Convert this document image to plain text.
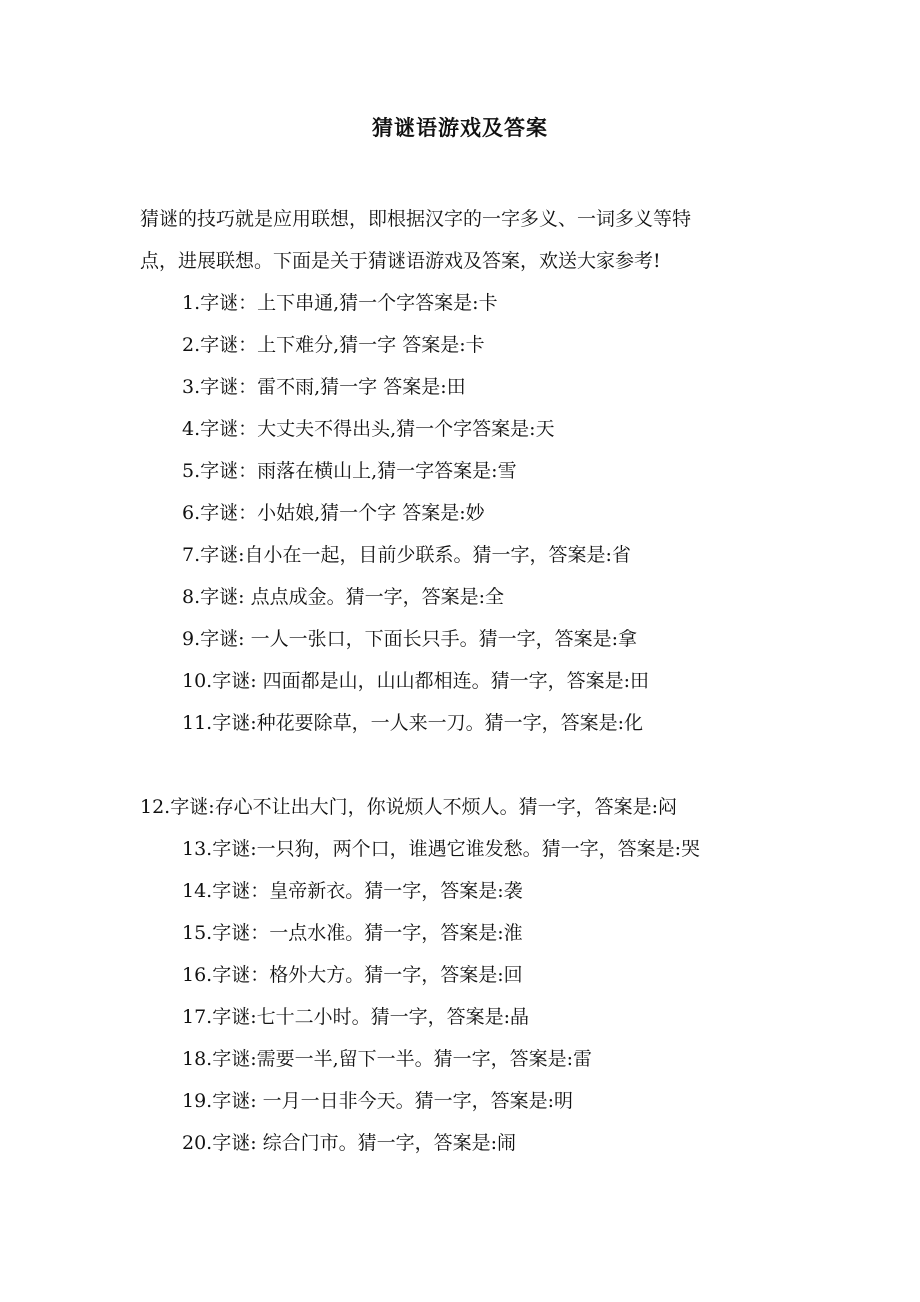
猜谜语游戏及答案

猜谜的技巧就是应用联想，即根据汉字的一字多义、一词多义等特

点，进展联想。下面是关于猜谜语游戏及答案，欢送大家参考!

1.字谜：上下串通,猜一个字答案是:卡
2.字谜：上下难分,猜一字 答案是:卡
3.字谜：雷不雨,猜一字 答案是:田
4.字谜：大丈夫不得出头,猜一个字答案是:天
5.字谜：雨落在横山上,猜一字答案是:雪
6.字谜：小姑娘,猜一个字 答案是:妙
7.字谜:自小在一起，目前少联系。猜一字，答案是:省
8.字谜: 点点成金。猜一字，答案是:全
9.字谜: 一人一张口，下面长只手。猜一字，答案是:拿
10.字谜: 四面都是山，山山都相连。猜一字，答案是:田
11.字谜:种花要除草，一人来一刀。猜一字，答案是:化
12.字谜:存心不让出大门，你说烦人不烦人。猜一字，答案是:闷
13.字谜:一只狗，两个口，谁遇它谁发愁。猜一字，答案是:哭
14.字谜：皇帝新衣。猜一字，答案是:袭
15.字谜：一点水准。猜一字，答案是:淮
16.字谜：格外大方。猜一字，答案是:回
17.字谜:七十二小时。猜一字，答案是:晶
18.字谜:需要一半,留下一半。猜一字，答案是:雷
19.字谜: 一月一日非今天。猜一字，答案是:明
20.字谜: 综合门市。猜一字，答案是:闹
